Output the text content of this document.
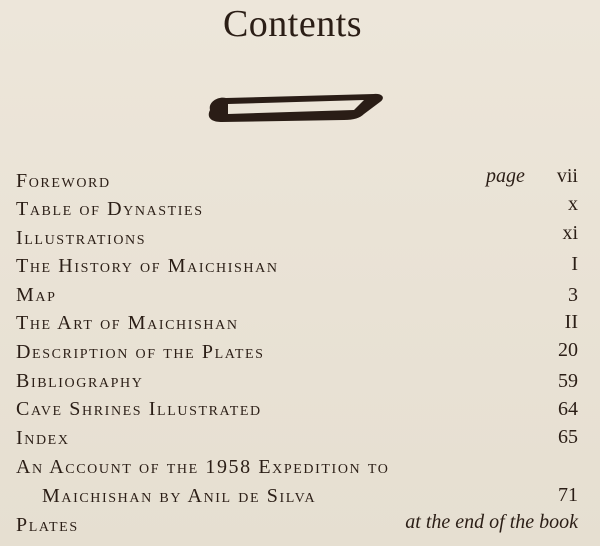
Contents
page
Foreword	vii
Table of Dynasties	x
Illustrations	xi
The History of Maichishan	I
Map	3
The Art of Maichishan	II
Description of the Plates	20
Bibliography	59
Cave Shrines Illustrated	64
Index	65
An Account of the 1958 Expedition to
Maichishan by Anil de Silva	71
Plates	at the end of the book
